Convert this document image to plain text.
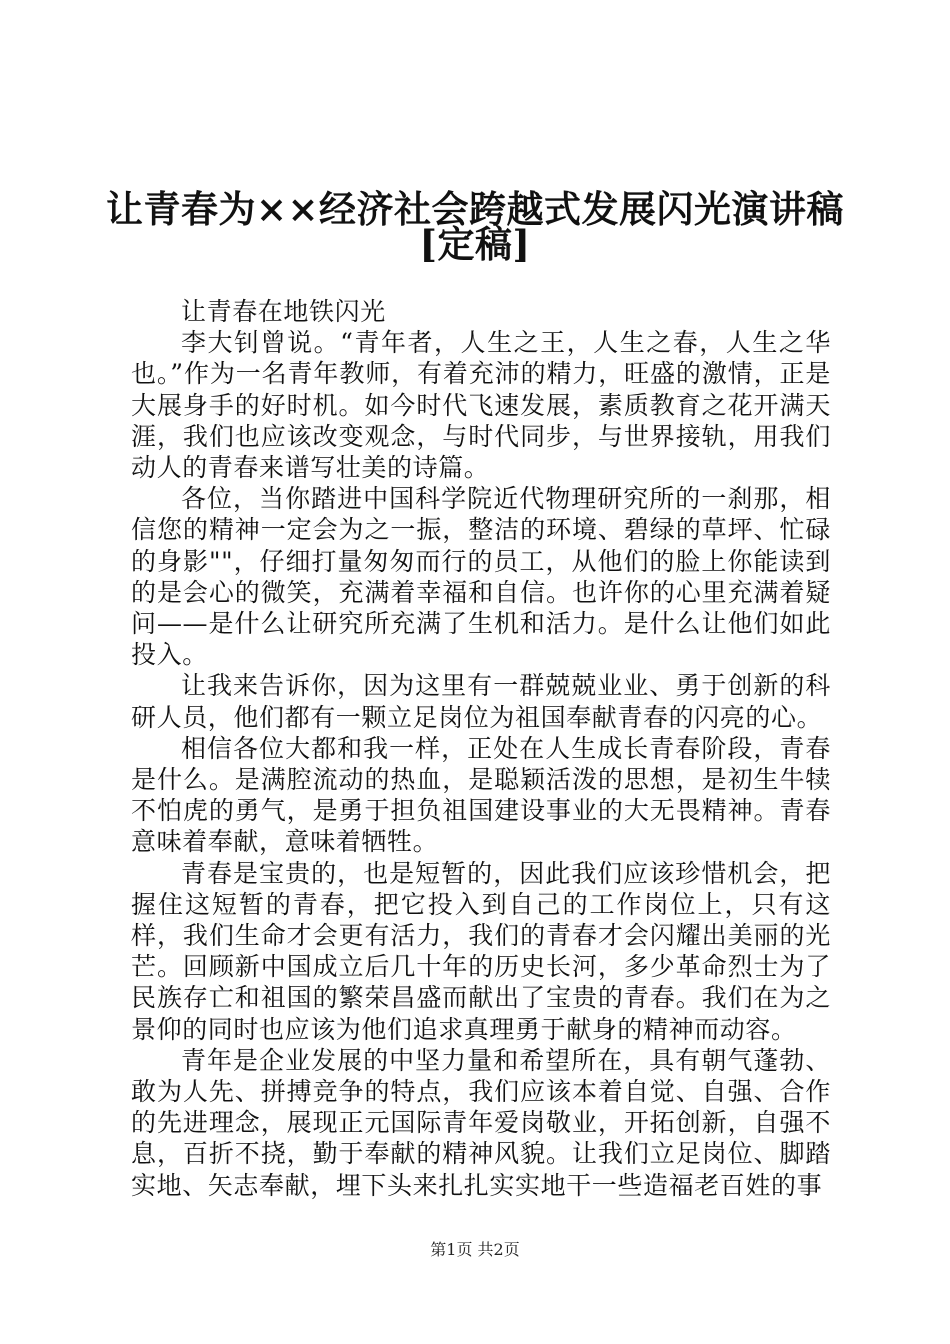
让青春为××经济社会跨越式发展闪光演讲稿
[定稿]

让青春在地铁闪光

李大钊曾说。“青年者，人生之王，人生之春，人生之华也。”作为一名青年教师，有着充沛的精力，旺盛的激情，正是大展身手的好时机。如今时代飞速发展，素质教育之花开满天涯，我们也应该改变观念，与时代同步，与世界接轨，用我们动人的青春来谱写壮美的诗篇。

各位，当你踏进中国科学院近代物理研究所的一刹那，相信您的精神一定会为之一振，整洁的环境、碧绿的草坪、忙碌的身影""，仔细打量匆匆而行的员工，从他们的脸上你能读到的是会心的微笑，充满着幸福和自信。也许你的心里充满着疑问——是什么让研究所充满了生机和活力。是什么让他们如此投入。

让我来告诉你，因为这里有一群兢兢业业、勇于创新的科研人员，他们都有一颗立足岗位为祖国奉献青春的闪亮的心。

相信各位大都和我一样，正处在人生成长青春阶段，青春是什么。是满腔流动的热血，是聪颖活泼的思想，是初生牛犊不怕虎的勇气，是勇于担负祖国建设事业的大无畏精神。青春意味着奉献，意味着牺牲。

青春是宝贵的，也是短暂的，因此我们应该珍惜机会，把握住这短暂的青春，把它投入到自己的工作岗位上，只有这样，我们生命才会更有活力，我们的青春才会闪耀出美丽的光芒。回顾新中国成立后几十年的历史长河，多少革命烈士为了民族存亡和祖国的繁荣昌盛而献出了宝贵的青春。我们在为之景仰的同时也应该为他们追求真理勇于献身的精神而动容。

青年是企业发展的中坚力量和希望所在，具有朝气蓬勃、敢为人先、拼搏竞争的特点，我们应该本着自觉、自强、合作的先进理念，展现正元国际青年爱岗敬业，开拓创新，自强不息，百折不挠，勤于奉献的精神风貌。让我们立足岗位、脚踏实地、矢志奉献，埋下头来扎扎实实地干一些造福老百姓的事

第1页 共2页
